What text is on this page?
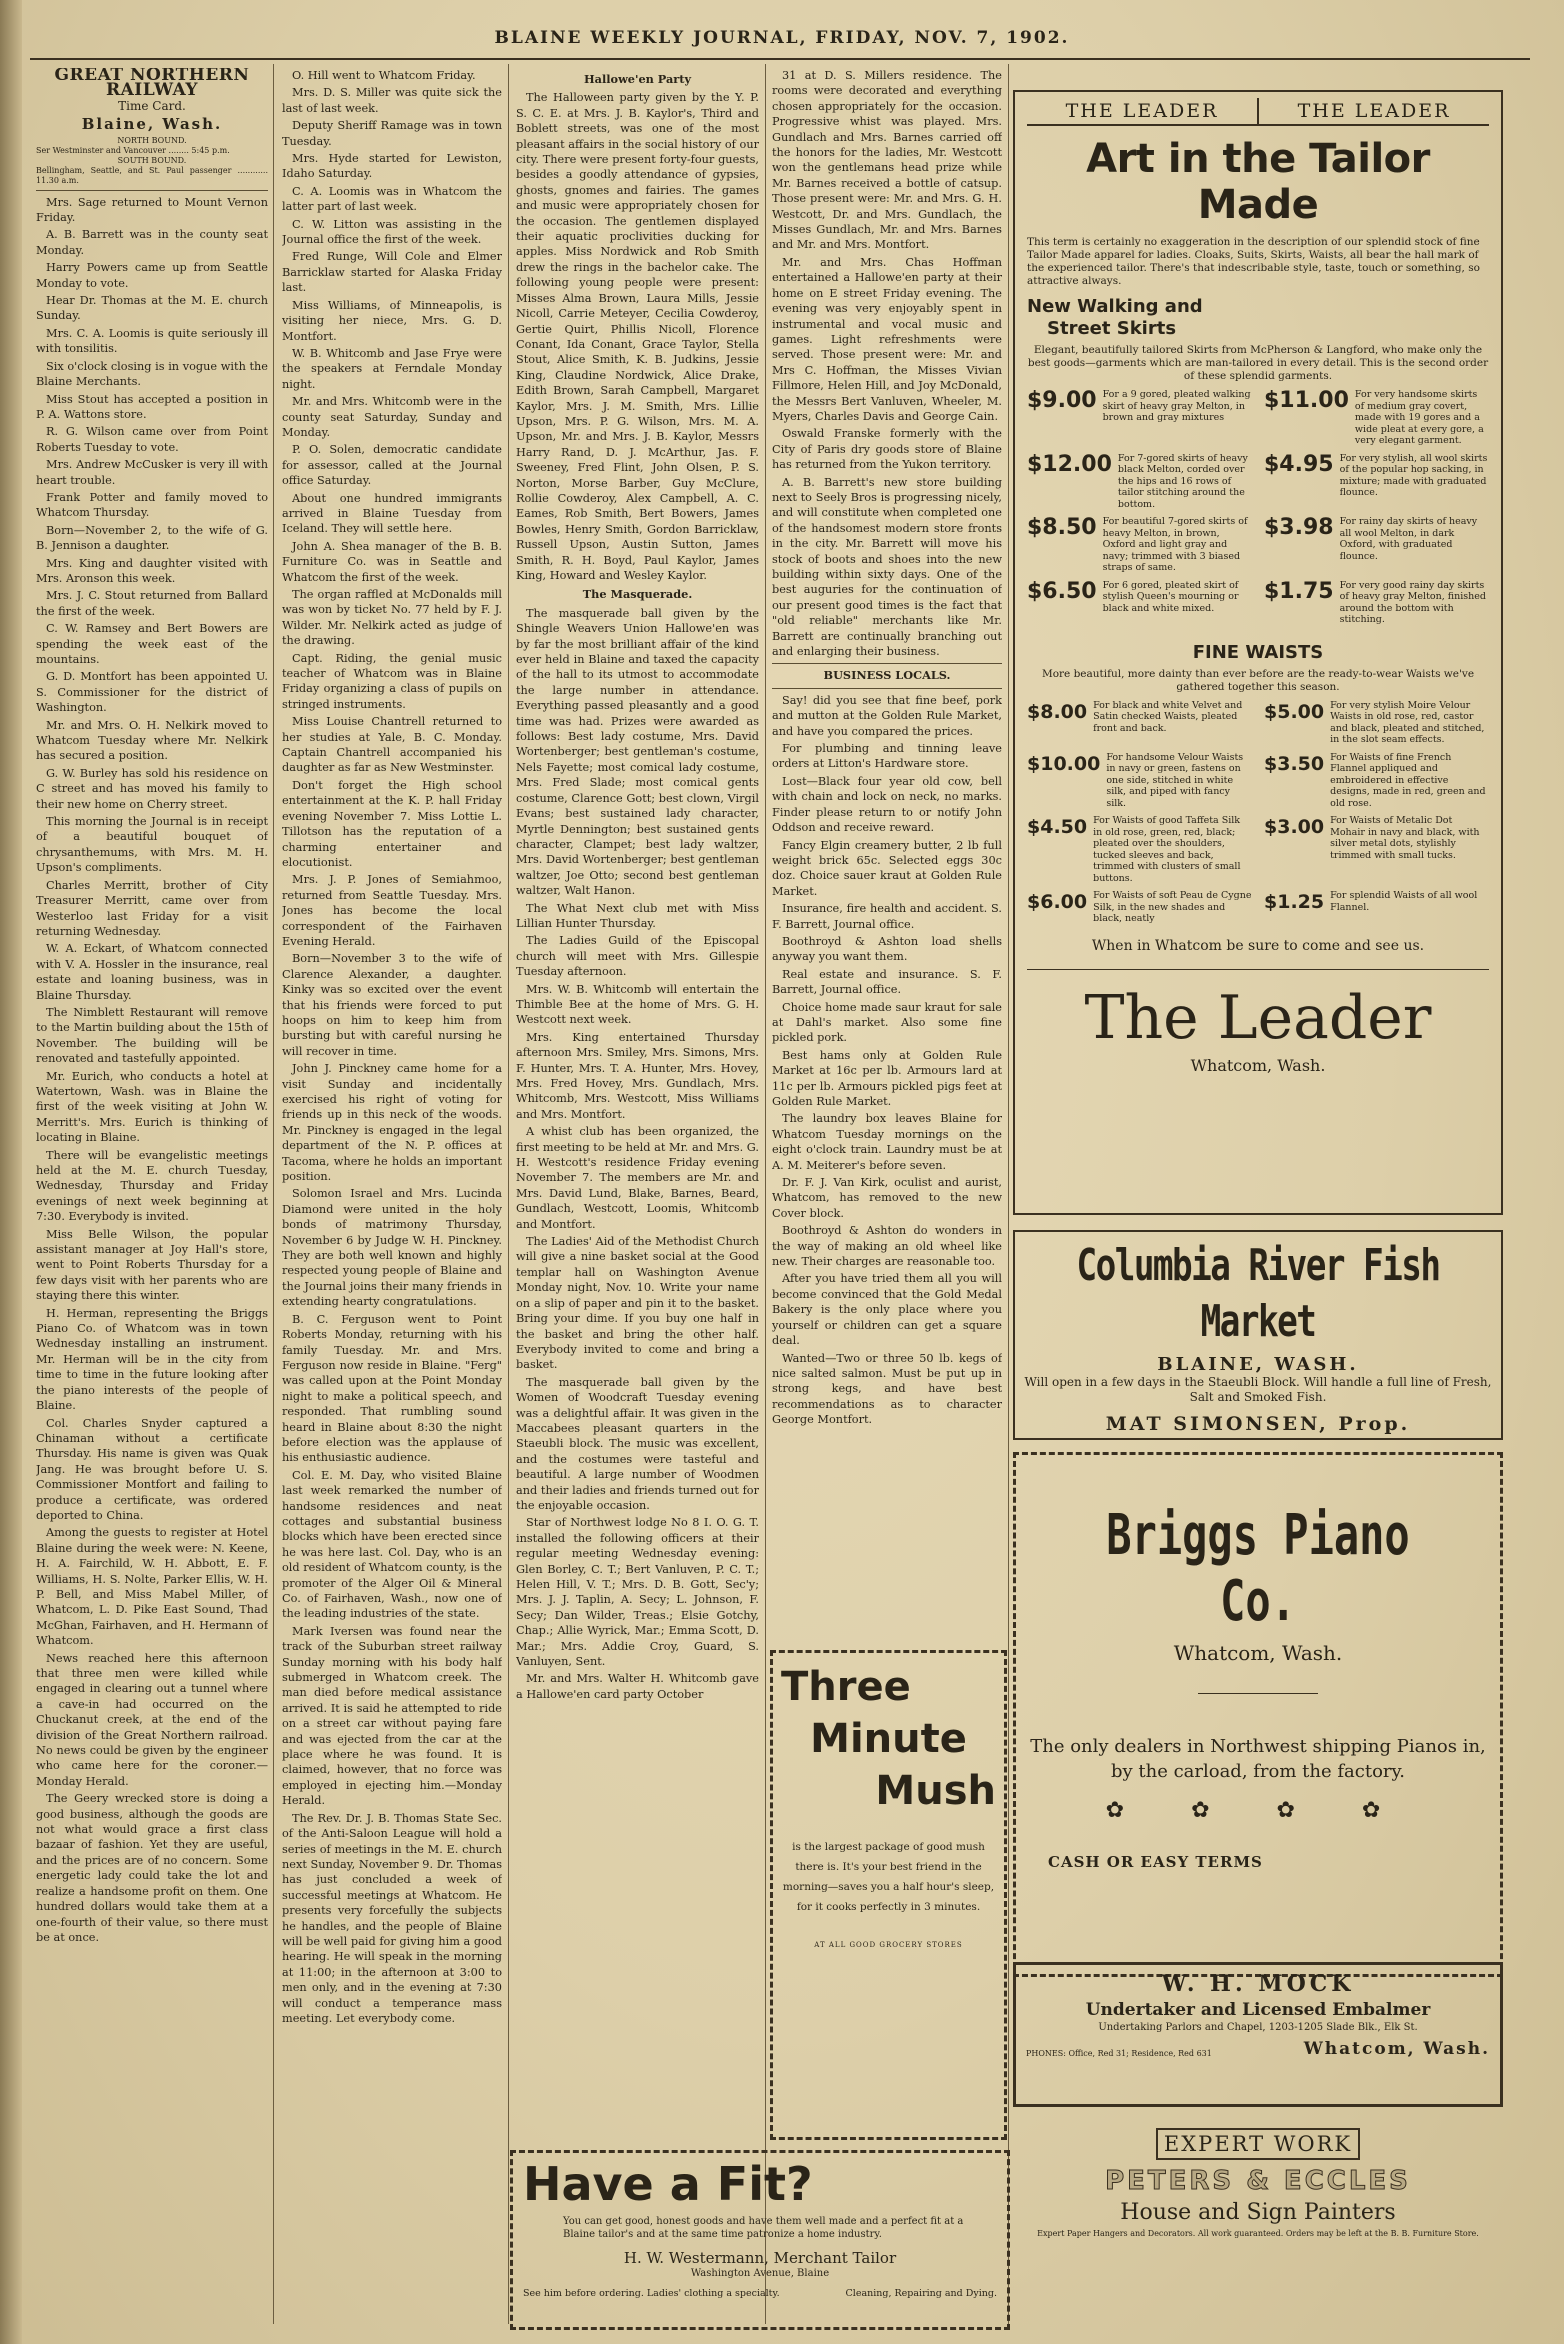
BLAINE WEEKLY JOURNAL, FRIDAY, NOV. 7, 1902.
GREAT NORTHERN RAILWAY
Time Card.
Blaine, Wash.
NORTH BOUND.
Ser Westminster and Vancouver ........ 5:45 p.m.
SOUTH BOUND.
Bellingham, Seattle, and St. Paul passenger ............ 11.30 a.m.

Mrs. Sage returned to Mount Vernon Friday.

A. B. Barrett was in the county seat Monday.

Harry Powers came up from Seattle Monday to vote.

Hear Dr. Thomas at the M. E. church Sunday.

Mrs. C. A. Loomis is quite seriously ill with tonsilitis.

Six o'clock closing is in vogue with the Blaine Merchants.

Miss Stout has accepted a position in P. A. Wattons store.

R. G. Wilson came over from Point Roberts Tuesday to vote.

Mrs. Andrew McCusker is very ill with heart trouble.

Frank Potter and family moved to Whatcom Thursday.

Born—November 2, to the wife of G. B. Jennison a daughter.

Mrs. King and daughter visited with Mrs. Aronson this week.

Mrs. J. C. Stout returned from Ballard the first of the week.

C. W. Ramsey and Bert Bowers are spending the week east of the mountains.

G. D. Montfort has been appointed U. S. Commissioner for the district of Washington.

Mr. and Mrs. O. H. Nelkirk moved to Whatcom Tuesday where Mr. Nelkirk has secured a position.

G. W. Burley has sold his residence on C street and has moved his family to their new home on Cherry street.

This morning the Journal is in receipt of a beautiful bouquet of chrysanthemums, with Mrs. M. H. Upson's compliments.

Charles Merritt, brother of City Treasurer Merritt, came over from Westerloo last Friday for a visit returning Wednesday.

W. A. Eckart, of Whatcom connected with V. A. Hossler in the insurance, real estate and loaning business, was in Blaine Thursday.

The Nimblett Restaurant will remove to the Martin building about the 15th of November. The building will be renovated and tastefully appointed.

Mr. Eurich, who conducts a hotel at Watertown, Wash. was in Blaine the first of the week visiting at John W. Merritt's. Mrs. Eurich is thinking of locating in Blaine.

There will be evangelistic meetings held at the M. E. church Tuesday, Wednesday, Thursday and Friday evenings of next week beginning at 7:30. Everybody is invited.

Miss Belle Wilson, the popular assistant manager at Joy Hall's store, went to Point Roberts Thursday for a few days visit with her parents who are staying there this winter.

H. Herman, representing the Briggs Piano Co. of Whatcom was in town Wednesday installing an instrument. Mr. Herman will be in the city from time to time in the future looking after the piano interests of the people of Blaine.

Col. Charles Snyder captured a Chinaman without a certificate Thursday. His name is given was Quak Jang. He was brought before U. S. Commissioner Montfort and failing to produce a certificate, was ordered deported to China.

Among the guests to register at Hotel Blaine during the week were: N. Keene, H. A. Fairchild, W. H. Abbott, E. F. Williams, H. S. Nolte, Parker Ellis, W. H. P. Bell, and Miss Mabel Miller, of Whatcom, L. D. Pike East Sound, Thad McGhan, Fairhaven, and H. Hermann of Whatcom.

News reached here this afternoon that three men were killed while engaged in clearing out a tunnel where a cave-in had occurred on the Chuckanut creek, at the end of the division of the Great Northern railroad. No news could be given by the engineer who came here for the coroner.—Monday Herald.

The Geery wrecked store is doing a good business, although the goods are not what would grace a first class bazaar of fashion. Yet they are useful, and the prices are of no concern. Some energetic lady could take the lot and realize a handsome profit on them. One hundred dollars would take them at a one-fourth of their value, so there must be at once.

O. Hill went to Whatcom Friday.

Mrs. D. S. Miller was quite sick the last of last week.

Deputy Sheriff Ramage was in town Tuesday.

Mrs. Hyde started for Lewiston, Idaho Saturday.

C. A. Loomis was in Whatcom the latter part of last week.

C. W. Litton was assisting in the Journal office the first of the week.

Fred Runge, Will Cole and Elmer Barricklaw started for Alaska Friday last.

Miss Williams, of Minneapolis, is visiting her niece, Mrs. G. D. Montfort.

W. B. Whitcomb and Jase Frye were the speakers at Ferndale Monday night.

Mr. and Mrs. Whitcomb were in the county seat Saturday, Sunday and Monday.

P. O. Solen, democratic candidate for assessor, called at the Journal office Saturday.

About one hundred immigrants arrived in Blaine Tuesday from Iceland. They will settle here.

John A. Shea manager of the B. B. Furniture Co. was in Seattle and Whatcom the first of the week.

The organ raffled at McDonalds mill was won by ticket No. 77 held by F. J. Wilder. Mr. Nelkirk acted as judge of the drawing.

Capt. Riding, the genial music teacher of Whatcom was in Blaine Friday organizing a class of pupils on stringed instruments.

Miss Louise Chantrell returned to her studies at Yale, B. C. Monday. Captain Chantrell accompanied his daughter as far as New Westminster.

Don't forget the High school entertainment at the K. P. hall Friday evening November 7. Miss Lottie L. Tillotson has the reputation of a charming entertainer and elocutionist.

Mrs. J. P. Jones of Semiahmoo, returned from Seattle Tuesday. Mrs. Jones has become the local correspondent of the Fairhaven Evening Herald.

Born—November 3 to the wife of Clarence Alexander, a daughter. Kinky was so excited over the event that his friends were forced to put hoops on him to keep him from bursting but with careful nursing he will recover in time.

John J. Pinckney came home for a visit Sunday and incidentally exercised his right of voting for friends up in this neck of the woods. Mr. Pinckney is engaged in the legal department of the N. P. offices at Tacoma, where he holds an important position.

Solomon Israel and Mrs. Lucinda Diamond were united in the holy bonds of matrimony Thursday, November 6 by Judge W. H. Pinckney. They are both well known and highly respected young people of Blaine and the Journal joins their many friends in extending hearty congratulations.

B. C. Ferguson went to Point Roberts Monday, returning with his family Tuesday. Mr. and Mrs. Ferguson now reside in Blaine. "Ferg" was called upon at the Point Monday night to make a political speech, and responded. That rumbling sound heard in Blaine about 8:30 the night before election was the applause of his enthusiastic audience.

Col. E. M. Day, who visited Blaine last week remarked the number of handsome residences and neat cottages and substantial business blocks which have been erected since he was here last. Col. Day, who is an old resident of Whatcom county, is the promoter of the Alger Oil & Mineral Co. of Fairhaven, Wash., now one of the leading industries of the state.

Mark Iversen was found near the track of the Suburban street railway Sunday morning with his body half submerged in Whatcom creek. The man died before medical assistance arrived. It is said he attempted to ride on a street car without paying fare and was ejected from the car at the place where he was found. It is claimed, however, that no force was employed in ejecting him.—Monday Herald.

The Rev. Dr. J. B. Thomas State Sec. of the Anti-Saloon League will hold a series of meetings in the M. E. church next Sunday, November 9. Dr. Thomas has just concluded a week of successful meetings at Whatcom. He presents very forcefully the subjects he handles, and the people of Blaine will be well paid for giving him a good hearing. He will speak in the morning at 11:00; in the afternoon at 3:00 to men only, and in the evening at 7:30 will conduct a temperance mass meeting. Let everybody come.

Hallowe'en Party

The Halloween party given by the Y. P. S. C. E. at Mrs. J. B. Kaylor's, Third and Boblett streets, was one of the most pleasant affairs in the social history of our city. There were present forty-four guests, besides a goodly attendance of gypsies, ghosts, gnomes and fairies. The games and music were appropriately chosen for the occasion. The gentlemen displayed their aquatic proclivities ducking for apples. Miss Nordwick and Rob Smith drew the rings in the bachelor cake. The following young people were present: Misses Alma Brown, Laura Mills, Jessie Nicoll, Carrie Meteyer, Cecilia Cowderoy, Gertie Quirt, Phillis Nicoll, Florence Conant, Ida Conant, Grace Taylor, Stella Stout, Alice Smith, K. B. Judkins, Jessie King, Claudine Nordwick, Alice Drake, Edith Brown, Sarah Campbell, Margaret Kaylor, Mrs. J. M. Smith, Mrs. Lillie Upson, Mrs. P. G. Wilson, Mrs. M. A. Upson, Mr. and Mrs. J. B. Kaylor, Messrs Harry Rand, D. J. McArthur, Jas. F. Sweeney, Fred Flint, John Olsen, P. S. Norton, Morse Barber, Guy McClure, Rollie Cowderoy, Alex Campbell, A. C. Eames, Rob Smith, Bert Bowers, James Bowles, Henry Smith, Gordon Barricklaw, Russell Upson, Austin Sutton, James Smith, R. H. Boyd, Paul Kaylor, James King, Howard and Wesley Kaylor.

The Masquerade.

The masquerade ball given by the Shingle Weavers Union Hallowe'en was by far the most brilliant affair of the kind ever held in Blaine and taxed the capacity of the hall to its utmost to accommodate the large number in attendance. Everything passed pleasantly and a good time was had. Prizes were awarded as follows: Best lady costume, Mrs. David Wortenberger; best gentleman's costume, Nels Fayette; most comical lady costume, Mrs. Fred Slade; most comical gents costume, Clarence Gott; best clown, Virgil Evans; best sustained lady character, Myrtle Dennington; best sustained gents character, Clampet; best lady waltzer, Mrs. David Wortenberger; best gentleman waltzer, Joe Otto; second best gentleman waltzer, Walt Hanon.

The What Next club met with Miss Lillian Hunter Thursday.

The Ladies Guild of the Episcopal church will meet with Mrs. Gillespie Tuesday afternoon.

Mrs. W. B. Whitcomb will entertain the Thimble Bee at the home of Mrs. G. H. Westcott next week.

Mrs. King entertained Thursday afternoon Mrs. Smiley, Mrs. Simons, Mrs. F. Hunter, Mrs. T. A. Hunter, Mrs. Hovey, Mrs. Fred Hovey, Mrs. Gundlach, Mrs. Whitcomb, Mrs. Westcott, Miss Williams and Mrs. Montfort.

A whist club has been organized, the first meeting to be held at Mr. and Mrs. G. H. Westcott's residence Friday evening November 7. The members are Mr. and Mrs. David Lund, Blake, Barnes, Beard, Gundlach, Westcott, Loomis, Whitcomb and Montfort.

The Ladies' Aid of the Methodist Church will give a nine basket social at the Good templar hall on Washington Avenue Monday night, Nov. 10. Write your name on a slip of paper and pin it to the basket. Bring your dime. If you buy one half in the basket and bring the other half. Everybody invited to come and bring a basket.

The masquerade ball given by the Women of Woodcraft Tuesday evening was a delightful affair. It was given in the Maccabees pleasant quarters in the Staeubli block. The music was excellent, and the costumes were tasteful and beautiful. A large number of Woodmen and their ladies and friends turned out for the enjoyable occasion.

Star of Northwest lodge No 8 I. O. G. T. installed the following officers at their regular meeting Wednesday evening: Glen Borley, C. T.; Bert Vanluven, P. C. T.; Helen Hill, V. T.; Mrs. D. B. Gott, Sec'y; Mrs. J. J. Taplin, A. Secy; L. Johnson, F. Secy; Dan Wilder, Treas.; Elsie Gotchy, Chap.; Allie Wyrick, Mar.; Emma Scott, D. Mar.; Mrs. Addie Croy, Guard, S. Vanluyen, Sent.

Mr. and Mrs. Walter H. Whitcomb gave a Hallowe'en card party October

31 at D. S. Millers residence. The rooms were decorated and everything chosen appropriately for the occasion. Progressive whist was played. Mrs. Gundlach and Mrs. Barnes carried off the honors for the ladies, Mr. Westcott won the gentlemans head prize while Mr. Barnes received a bottle of catsup. Those present were: Mr. and Mrs. G. H. Westcott, Dr. and Mrs. Gundlach, the Misses Gundlach, Mr. and Mrs. Barnes and Mr. and Mrs. Montfort.

Mr. and Mrs. Chas Hoffman entertained a Hallowe'en party at their home on E street Friday evening. The evening was very enjoyably spent in instrumental and vocal music and games. Light refreshments were served. Those present were: Mr. and Mrs C. Hoffman, the Misses Vivian Fillmore, Helen Hill, and Joy McDonald, the Messrs Bert Vanluven, Wheeler, M. Myers, Charles Davis and George Cain.

Oswald Franske formerly with the City of Paris dry goods store of Blaine has returned from the Yukon territory.

A. B. Barrett's new store building next to Seely Bros is progressing nicely, and will constitute when completed one of the handsomest modern store fronts in the city. Mr. Barrett will move his stock of boots and shoes into the new building within sixty days. One of the best auguries for the continuation of our present good times is the fact that "old reliable" merchants like Mr. Barrett are continually branching out and enlarging their business.

BUSINESS LOCALS.

Say! did you see that fine beef, pork and mutton at the Golden Rule Market, and have you compared the prices.

For plumbing and tinning leave orders at Litton's Hardware store.

Lost—Black four year old cow, bell with chain and lock on neck, no marks. Finder please return to or notify John Oddson and receive reward.

Fancy Elgin creamery butter, 2 lb full weight brick 65c. Selected eggs 30c doz. Choice sauer kraut at Golden Rule Market.

Insurance, fire health and accident. S. F. Barrett, Journal office.

Boothroyd & Ashton load shells anyway you want them.

Real estate and insurance. S. F. Barrett, Journal office.

Choice home made saur kraut for sale at Dahl's market. Also some fine pickled pork.

Best hams only at Golden Rule Market at 16c per lb. Armours lard at 11c per lb. Armours pickled pigs feet at Golden Rule Market.

The laundry box leaves Blaine for Whatcom Tuesday mornings on the eight o'clock train. Laundry must be at A. M. Meiterer's before seven.

Dr. F. J. Van Kirk, oculist and aurist, Whatcom, has removed to the new Cover block.

Boothroyd & Ashton do wonders in the way of making an old wheel like new. Their charges are reasonable too.

After you have tried them all you will become convinced that the Gold Medal Bakery is the only place where you yourself or children can get a square deal.

Wanted—Two or three 50 lb. kegs of nice salted salmon. Must be put up in strong kegs, and have best recommendations as to character George Montfort.

Three
Minute
Mush
is the largest package of good mush there is. It's your best friend in the morning—saves you a half hour's sleep, for it cooks perfectly in 3 minutes.
AT ALL GOOD GROCERY STORES
Have a Fit?
You can get good, honest goods and have them well made and a perfect fit at a Blaine tailor's and at the same time patronize a home industry.
H. W. Westermann, Merchant Tailor
Washington Avenue, Blaine
See him before ordering. Ladies' clothing a specialty.	Cleaning, Repairing and Dying.
THE LEADER	THE LEADER
Art in the Tailor Made
This term is certainly no exaggeration in the description of our splendid stock of fine Tailor Made apparel for ladies. Cloaks, Suits, Skirts, Waists, all bear the hall mark of the experienced tailor. There's that indescribable style, taste, touch or something, so attractive always.
New Walking and
Street Skirts
Elegant, beautifully tailored Skirts from McPherson & Langford, who make only the best goods—garments which are man-tailored in every detail. This is the second order of these splendid garments.
$9.00 For a 9 gored, pleated walking skirt of heavy gray Melton, in brown and gray mixtures
$11.00 For very handsome skirts of medium gray covert, made with 19 gores and a wide pleat at every gore, a very elegant garment.
$12.00 For 7-gored skirts of heavy black Melton, corded over the hips and 16 rows of tailor stitching around the bottom.
$4.95 For very stylish, all wool skirts of the popular hop sacking, in mixture; made with graduated flounce.
$8.50 For beautiful 7-gored skirts of heavy Melton, in brown, Oxford and light gray and navy; trimmed with 3 biased straps of same.
$3.98 For rainy day skirts of heavy all wool Melton, in dark Oxford, with graduated flounce.
$6.50 For 6 gored, pleated skirt of stylish Queen's mourning or black and white mixed.
$1.75 For very good rainy day skirts of heavy gray Melton, finished around the bottom with stitching.
FINE WAISTS
More beautiful, more dainty than ever before are the ready-to-wear Waists we've gathered together this season.
$8.00 For black and white Velvet and Satin checked Waists, pleated front and back.
$5.00 For very stylish Moire Velour Waists in old rose, red, castor and black, pleated and stitched, in the slot seam effects.
$10.00 For handsome Velour Waists in navy or green, fastens on one side, stitched in white silk, and piped with fancy silk.
$3.50 For Waists of fine French Flannel appliqued and embroidered in effective designs, made in red, green and old rose.
$4.50 For Waists of good Taffeta Silk in old rose, green, red, black; pleated over the shoulders, tucked sleeves and back, trimmed with clusters of small buttons.
$3.00 For Waists of Metalic Dot Mohair in navy and black, with silver metal dots, stylishly trimmed with small tucks.
$6.00 For Waists of soft Peau de Cygne Silk, in the new shades and black, neatly
$1.25 For splendid Waists of all wool Flannel.
When in Whatcom be sure to come and see us.
The Leader
Whatcom, Wash.
Columbia River Fish Market
BLAINE, WASH.
Will open in a few days in the Staeubli Block. Will handle a full line of Fresh, Salt and Smoked Fish.
MAT SIMONSEN, Prop.
Briggs Piano Co.
Whatcom, Wash.
The only dealers in Northwest shipping Pianos in, by the carload, from the factory.
✿ ✿ ✿ ✿
CASH OR EASY TERMS
W. H. MOCK
Undertaker and Licensed Embalmer
Undertaking Parlors and Chapel, 1203-1205 Slade Blk., Elk St.
PHONES: Office, Red 31; Residence, Red 631	Whatcom, Wash.
EXPERT WORK
PETERS & ECCLES
House and Sign Painters
Expert Paper Hangers and Decorators. All work guaranteed. Orders may be left at the B. B. Furniture Store.
